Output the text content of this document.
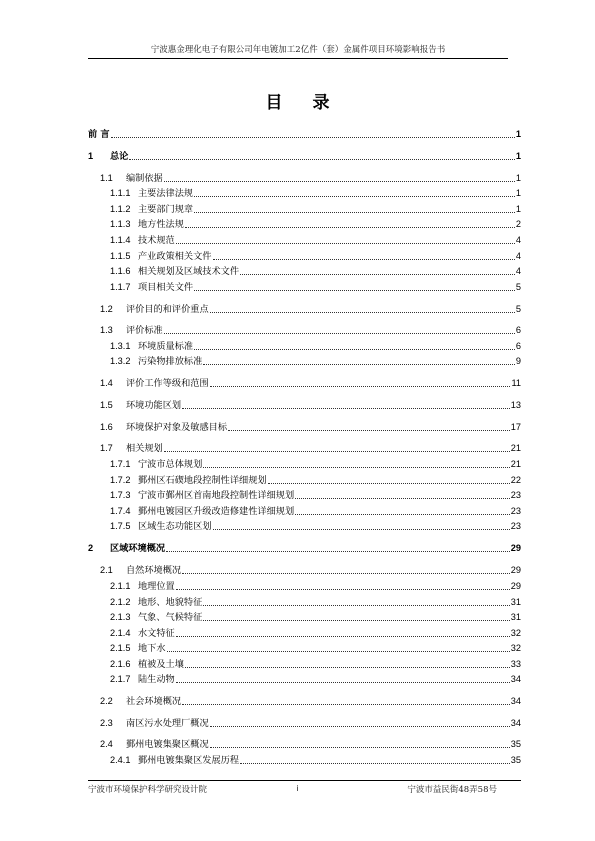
宁波惠金理化电子有限公司年电镀加工2亿件（套）金属件项目环境影响报告书
目 录
前 言	1
1	总论	1
1.1	编制依据	1
1.1.1 主要法律法规	1
1.1.2 主要部门规章	1
1.1.3 地方性法规	2
1.1.4 技术规范	4
1.1.5 产业政策相关文件	4
1.1.6 相关规划及区域技术文件	4
1.1.7 项目相关文件	5
1.2	评价目的和评价重点	5
1.3	评价标准	6
1.3.1 环境质量标准	6
1.3.2 污染物排放标准	9
1.4	评价工作等级和范围	11
1.5	环境功能区划	13
1.6	环境保护对象及敏感目标	17
1.7	相关规划	21
1.7.1 宁波市总体规划	21
1.7.2 鄞州区石碶地段控制性详细规划	22
1.7.3 宁波市鄞州区首南地段控制性详细规划	23
1.7.4 鄞州电镀园区升级改造修建性详细规划	23
1.7.5 区域生态功能区划	23
2	区域环境概况	29
2.1	自然环境概况	29
2.1.1 地理位置	29
2.1.2 地形、地貌特征	31
2.1.3 气象、气候特征	31
2.1.4 水文特征	32
2.1.5 地下水	32
2.1.6 植被及土壤	33
2.1.7 陆生动物	34
2.2	社会环境概况	34
2.3	南区污水处理厂概况	34
2.4	鄞州电镀集聚区概况	35
2.4.1 鄞州电镀集聚区发展历程	35
宁波市环境保护科学研究设计院	i	宁波市益民街48弄58号
